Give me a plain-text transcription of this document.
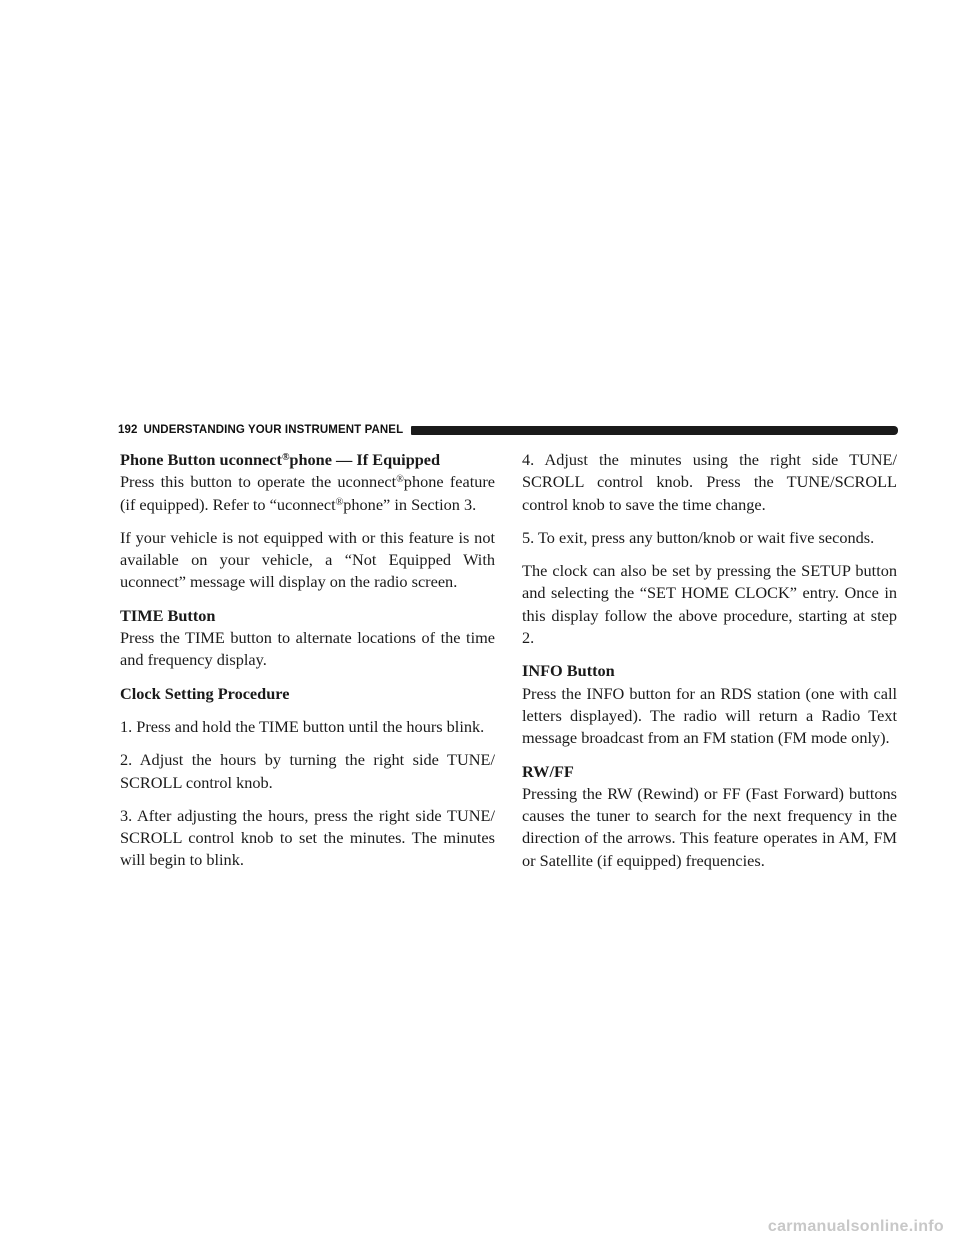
192 UNDERSTANDING YOUR INSTRUMENT PANEL
Phone Button uconnect®phone — If Equipped

Press this button to operate the uconnect®phone feature (if equipped). Refer to “uconnect®phone” in Section 3.

If your vehicle is not equipped with or this feature is not available on your vehicle, a “Not Equipped With uconnect” message will display on the radio screen.

TIME Button

Press the TIME button to alternate locations of the time and frequency display.

Clock Setting Procedure

1. Press and hold the TIME button until the hours blink.

2. Adjust the hours by turning the right side TUNE/ SCROLL control knob.

3. After adjusting the hours, press the right side TUNE/ SCROLL control knob to set the minutes. The minutes will begin to blink.

4. Adjust the minutes using the right side TUNE/ SCROLL control knob. Press the TUNE/SCROLL control knob to save the time change.

5. To exit, press any button/knob or wait five seconds.

The clock can also be set by pressing the SETUP button and selecting the “SET HOME CLOCK” entry. Once in this display follow the above procedure, starting at step 2.

INFO Button

Press the INFO button for an RDS station (one with call letters displayed). The radio will return a Radio Text message broadcast from an FM station (FM mode only).

RW/FF

Pressing the RW (Rewind) or FF (Fast Forward) buttons causes the tuner to search for the next frequency in the direction of the arrows. This feature operates in AM, FM or Satellite (if equipped) frequencies.

carmanualsonline.info
